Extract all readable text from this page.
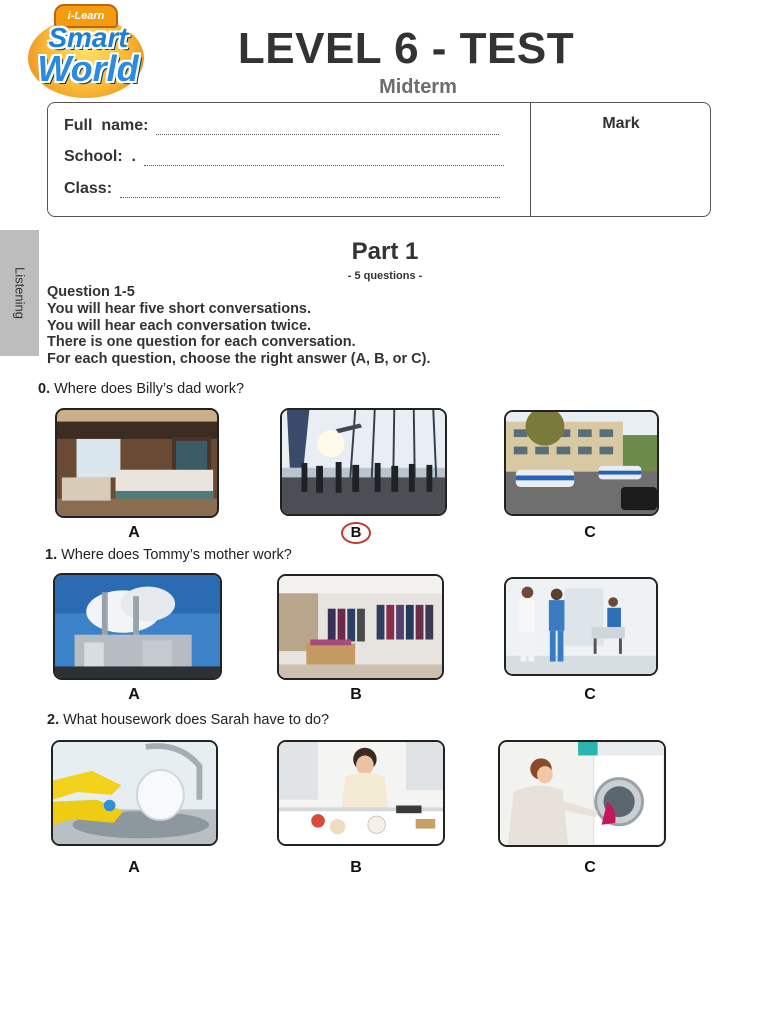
i-Learn
Smart
World	LEVEL 6 - TEST
Midterm
Full  name:
School:  .
Class:
Mark
Listening
Part 1
- 5 questions -
Question 1-5
You will hear five short conversations.
You will hear each conversation twice.
There is one question for each conversation.
For each question, choose the right answer (A, B, or C).
0. Where does Billy’s dad work?
A	B	C
1. Where does Tommy’s mother work?
A	B	C
2. What housework does Sarah have to do?
A	B	C
